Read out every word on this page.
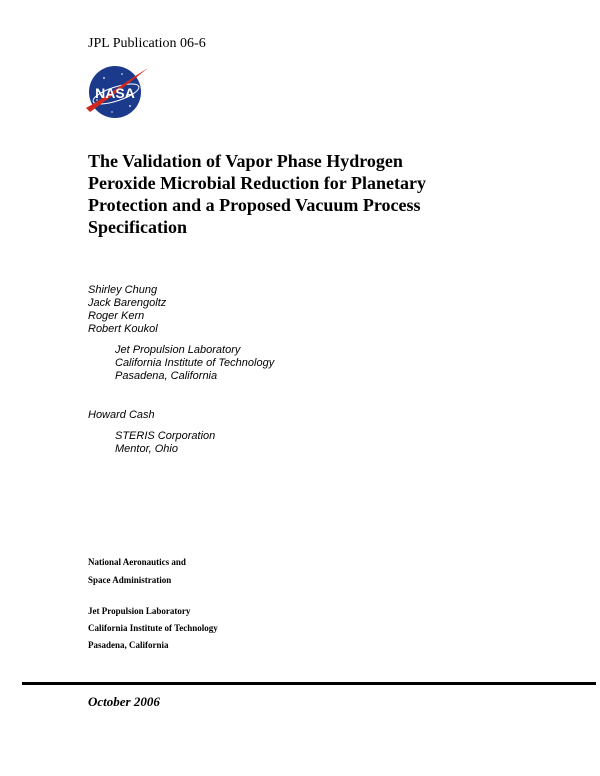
JPL Publication 06-6
NASA
The Validation of Vapor Phase Hydrogen
Peroxide Microbial Reduction for Planetary
Protection and a Proposed Vacuum Process
Specification
Shirley Chung
Jack Barengoltz
Roger Kern
Robert Koukol
Jet Propulsion Laboratory
California Institute of Technology
Pasadena, California
Howard Cash
STERIS Corporation
Mentor, Ohio
National Aeronautics and
Space Administration
Jet Propulsion Laboratory
California Institute of Technology
Pasadena, California
October 2006
